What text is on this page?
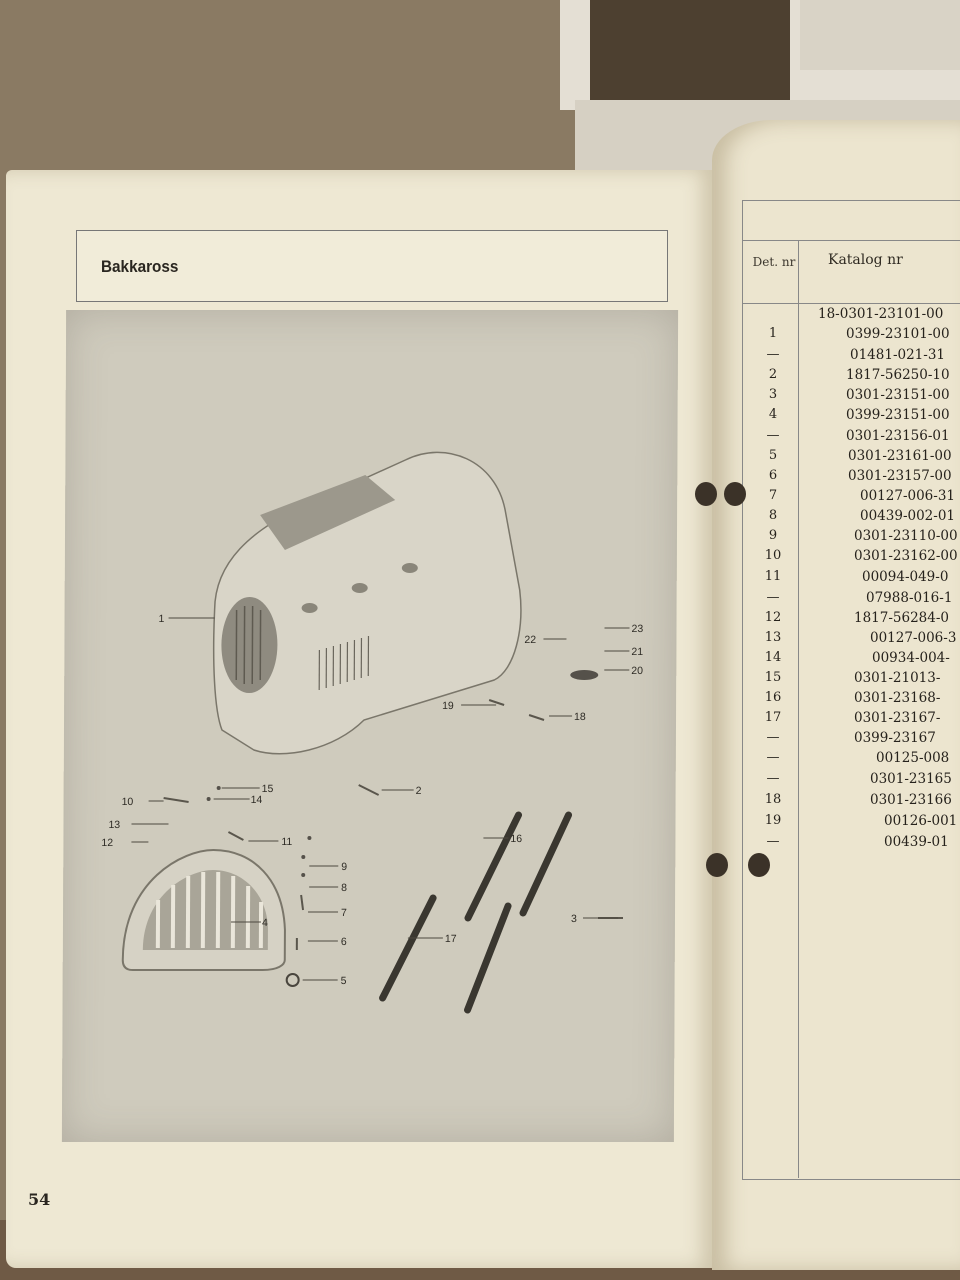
Bakkaross
1
2
3
4
5
6
7
8
9
10
11
12
13
14
15
16
17
18
19
20
21
22
23
54
Det. nr Katalog nr
18-0301-23101-00
1	0399-23101-00
—	01481-021-31
2	1817-56250-10
3	0301-23151-00
4	0399-23151-00
—	0301-23156-01
5	0301-23161-00
6	0301-23157-00
7	00127-006-31
8	00439-002-01
9	0301-23110-00
10	0301-23162-00
11	00094-049-0
—	07988-016-1
12	1817-56284-0
13	00127-006-3
14	00934-004-
15	0301-21013-
16	0301-23168-
17	0301-23167-
—	0399-23167
—	00125-008
—	0301-23165
18	0301-23166
19	00126-001
—	00439-01
